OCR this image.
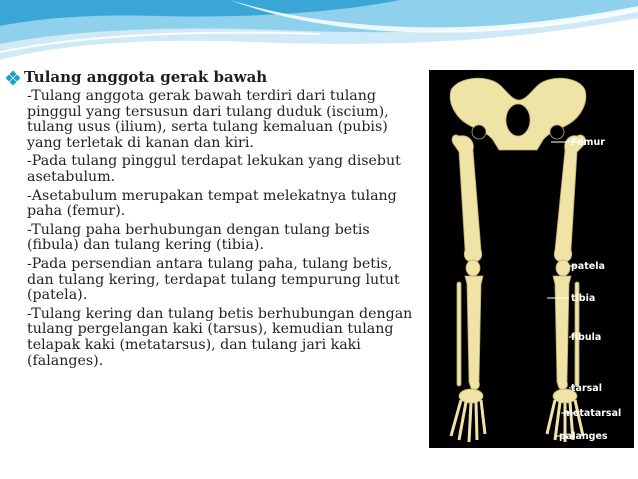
Tulang anggota gerak bawah

-Tulang anggota gerak bawah terdiri dari tulang pinggul yang tersusun dari tulang duduk (iscium), tulang usus (ilium), serta tulang kemaluan (pubis) yang terletak di kanan dan kiri.

-Pada tulang pinggul terdapat lekukan yang disebut asetabulum.

-Asetabulum merupakan tempat melekatnya tulang paha (femur).

-Tulang paha berhubungan dengan tulang betis (fibula) dan tulang kering (tibia).

-Pada persendian antara tulang paha, tulang betis, dan tulang kering, terdapat tulang tempurung lutut (patela).

-Tulang kering dan tulang betis berhubungan dengan tulang pergelangan kaki (tarsus), kemudian tulang telapak kaki (metatarsus), dan tulang jari kaki (falanges).

Femur
patela
tibia
fibula
tarsal
metatarsal
palanges
